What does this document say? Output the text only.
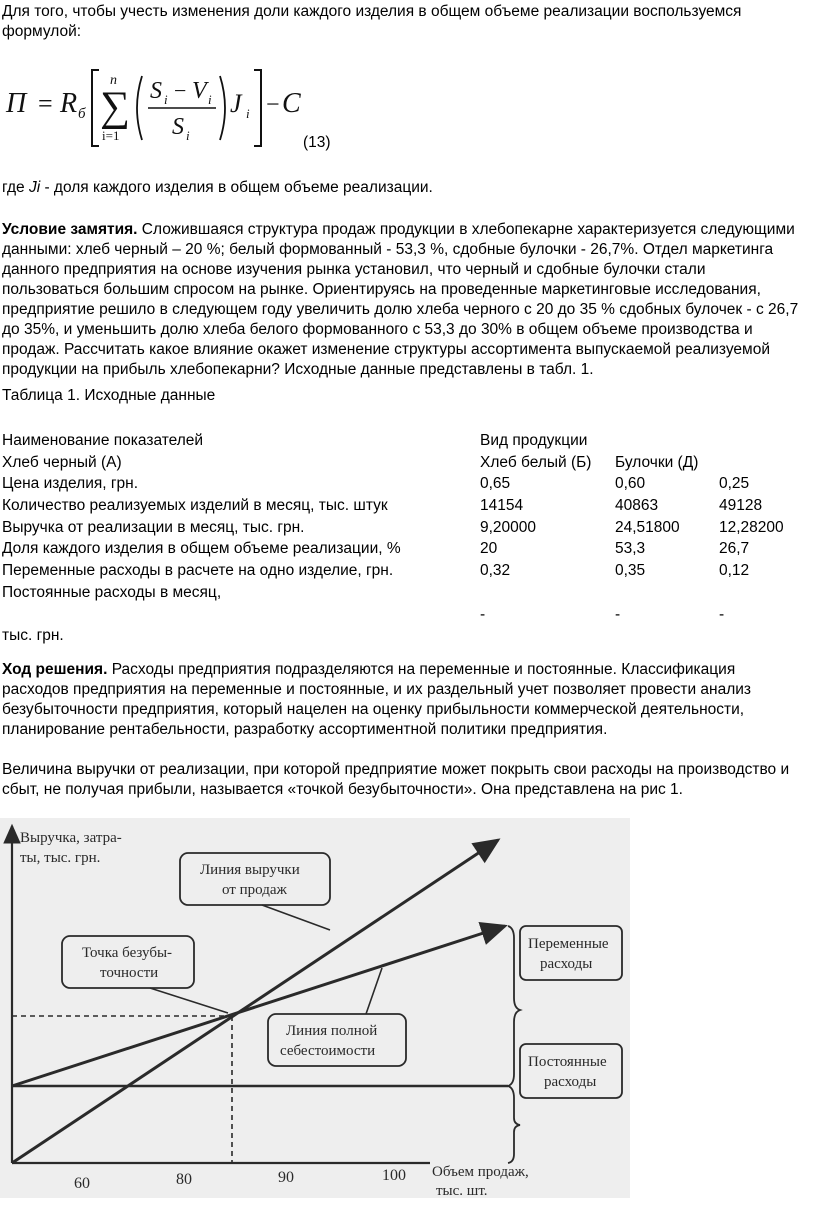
Для того, чтобы учесть изменения доли каждого изделия в общем объеме реализации воспользуемся

формулой:

П = R б
n
∑
i=1
S i − V i
S i
J i − C
(13)

где Ji - доля каждого изделия в общем объеме реализации.

Условие замятия. Сложившаяся структура продаж продукции в хлебопекарне характеризуется следующими

данными: хлеб черный – 20 %; белый формованный - 53,3 %, сдобные булочки - 26,7%. Отдел маркетинга

данного предприятия на основе изучения рынка установил, что черный и сдобные булочки стали

пользоваться большим спросом на рынке. Ориентируясь на проведенные маркетинговые исследования,

предприятие решило в следующем году увеличить долю хлеба черного с 20 до 35 % сдобных булочек - с 26,7

до 35%, и уменьшить долю хлеба белого формованного с 53,3 до 30% в общем объеме производства и

продаж. Рассчитать какое влияние окажет изменение структуры ассортимента выпускаемой реализуемой

продукции на прибыль хлебопекарни? Исходные данные представлены в табл. 1.

Таблица 1. Исходные данные

Наименование показателей	Вид продукции
Хлеб черный (А)	Хлеб белый (Б) Булочки (Д)
Цена изделия, грн.	0,65	0,60	0,25
Количество реализуемых изделий в месяц, тыс. штук	14154	40863	49128
Выручка от реализации в месяц, тыс. грн.	9,20000	24,51800	12,28200
Доля каждого изделия в общем объеме реализации, %	20	53,3	26,7
Переменные расходы в расчете на одно изделие, грн.	0,32	0,35	0,12
Постоянные расходы в месяц,
-	-	-
тыс. грн.

Ход решения. Расходы предприятия подразделяются на переменные и постоянные. Классификация

расходов предприятия на переменные и постоянные, и их раздельный учет позволяет провести анализ

безубыточности предприятия, который нацелен на оценку прибыльности коммерческой деятельности,

планирование рентабельности, разработку ассортиментной политики предприятия.

Величина выручки от реализации, при которой предприятие может покрыть свои расходы на производство и

сбыт, не получая прибыли, называется «точкой безубыточности». Она представлена на рис 1.

Выручка, затра-
ты, тыс. грн.
Линия выручки
от продаж
Точка безубы-
точности
Линия полной
себестоимости
Переменные
расходы
Постоянные
расходы
60	80	90	100 Объем продаж,
тыс. шт.
